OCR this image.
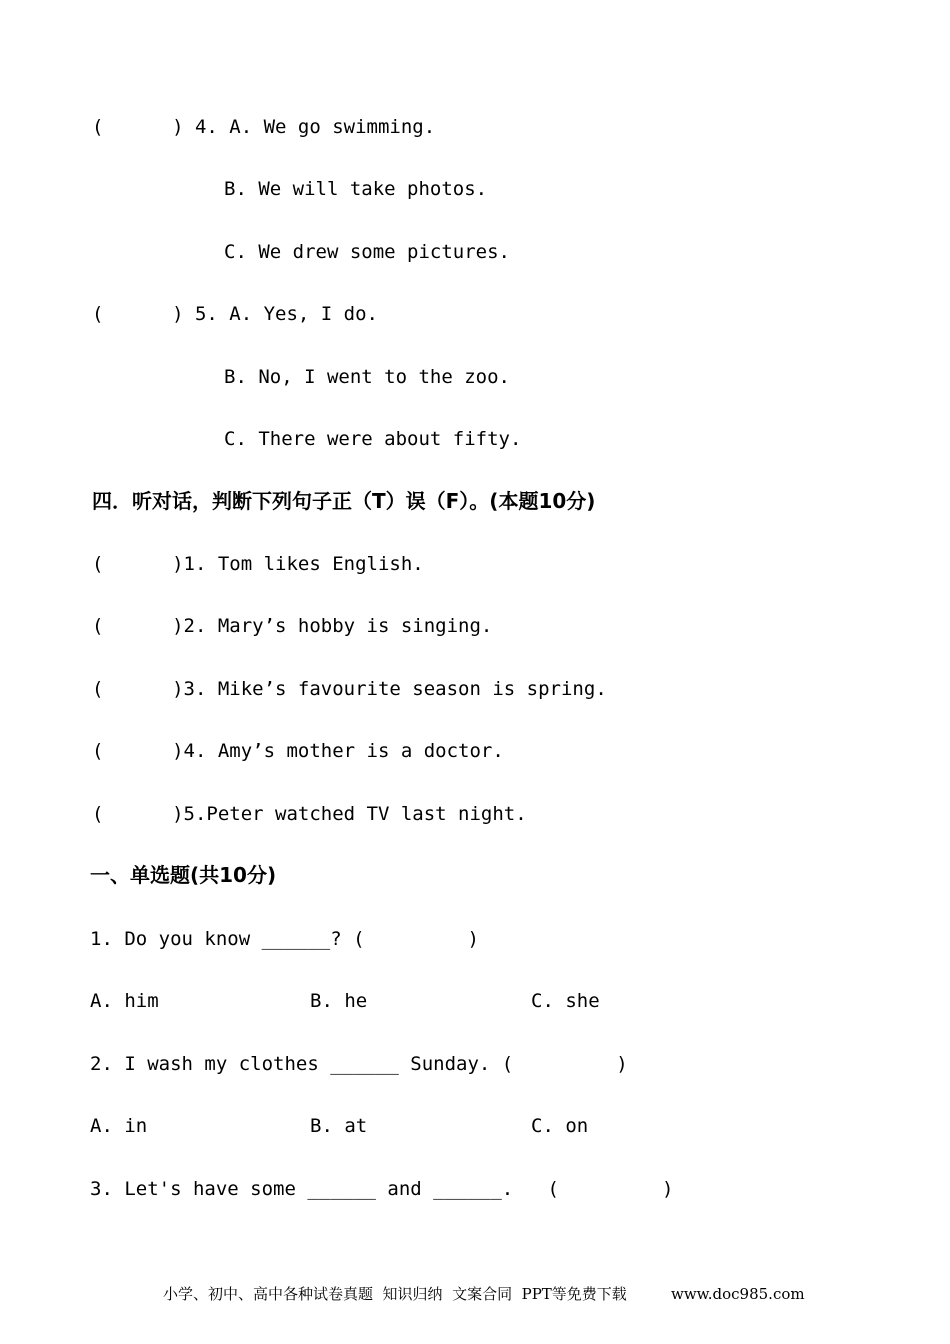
(      ) 4. A. We go swimming.
B. We will take photos.
C. We drew some pictures.
(      ) 5. A. Yes, I do.
B. No, I went to the zoo.
C. There were about fifty.
四．听对话，判断下列句子正（T）误（F）。(本题10分)
(      )1. Tom likes English.
(      )2. Mary’s hobby is singing.
(      )3. Mike’s favourite season is spring.
(      )4. Amy’s mother is a doctor.
(      )5.Peter watched TV last night.
一、单选题(共10分)
1. Do you know ______? (         )
A. him	B. he	C. she
2. I wash my clothes ______ Sunday. (         )
A. in	B. at	C. on
3. Let's have some ______ and ______.   (         )
小学、初中、高中各种试卷真题  知识归纳  文案合同  PPT等免费下载	www.doc985.com
